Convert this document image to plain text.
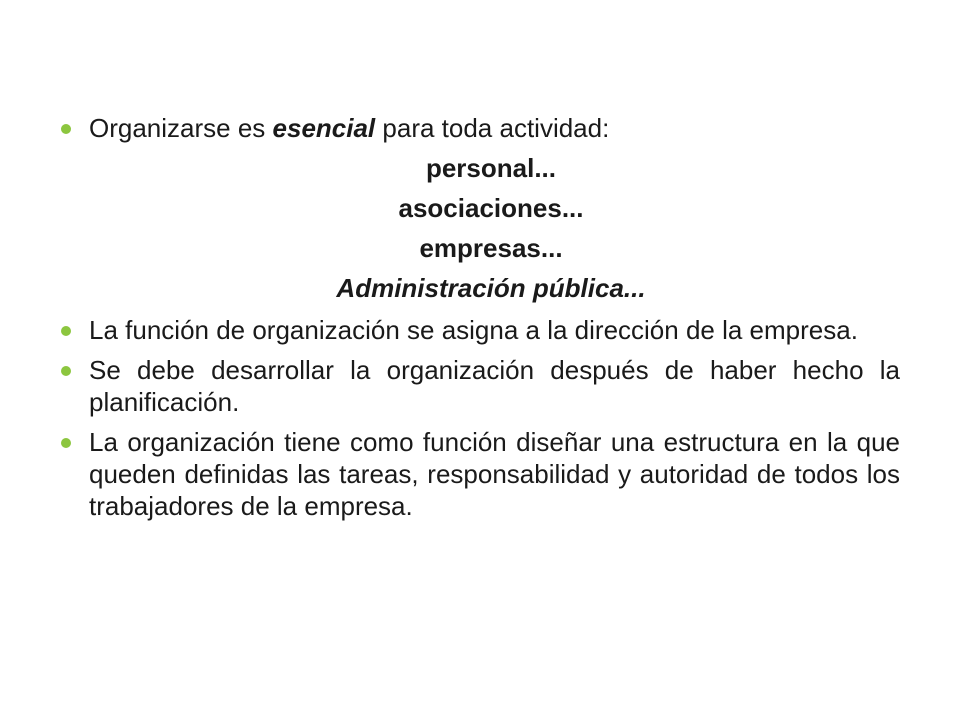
Organizarse es esencial para toda actividad:
personal...
asociaciones...
empresas...
Administración pública...
La función de organización se asigna a la dirección de la empresa.
Se debe desarrollar la organización después de haber hecho la planificación.
La organización tiene como función diseñar una estructura en la que queden definidas las tareas, responsabilidad y autoridad de todos los trabajadores de la empresa.
